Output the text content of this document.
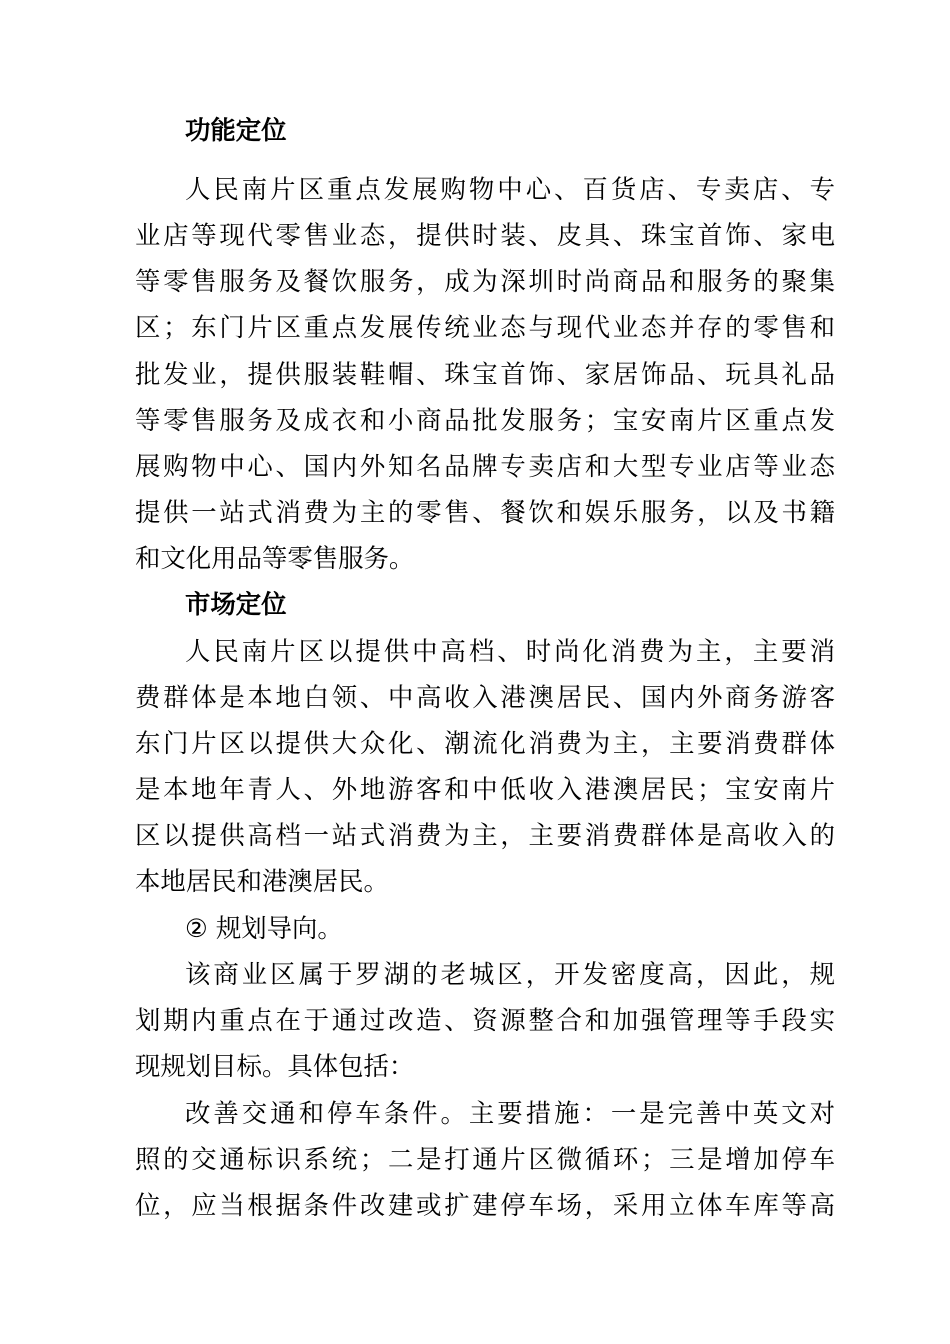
功能定位
人民南片区重点发展购物中心、百货店、专卖店、专
业店等现代零售业态，提供时装、皮具、珠宝首饰、家电
等零售服务及餐饮服务，成为深圳时尚商品和服务的聚集
区；东门片区重点发展传统业态与现代业态并存的零售和
批发业，提供服装鞋帽、珠宝首饰、家居饰品、玩具礼品
等零售服务及成衣和小商品批发服务；宝安南片区重点发
展购物中心、国内外知名品牌专卖店和大型专业店等业态
提供一站式消费为主的零售、餐饮和娱乐服务，以及书籍
和文化用品等零售服务。
市场定位
人民南片区以提供中高档、时尚化消费为主，主要消
费群体是本地白领、中高收入港澳居民、国内外商务游客
东门片区以提供大众化、潮流化消费为主，主要消费群体
是本地年青人、外地游客和中低收入港澳居民；宝安南片
区以提供高档一站式消费为主，主要消费群体是高收入的
本地居民和港澳居民。
② 规划导向。
该商业区属于罗湖的老城区，开发密度高，因此，规
划期内重点在于通过改造、资源整合和加强管理等手段实
现规划目标。具体包括：
改善交通和停车条件。主要措施：一是完善中英文对
照的交通标识系统；二是打通片区微循环；三是增加停车
位，应当根据条件改建或扩建停车场，采用立体车库等高
